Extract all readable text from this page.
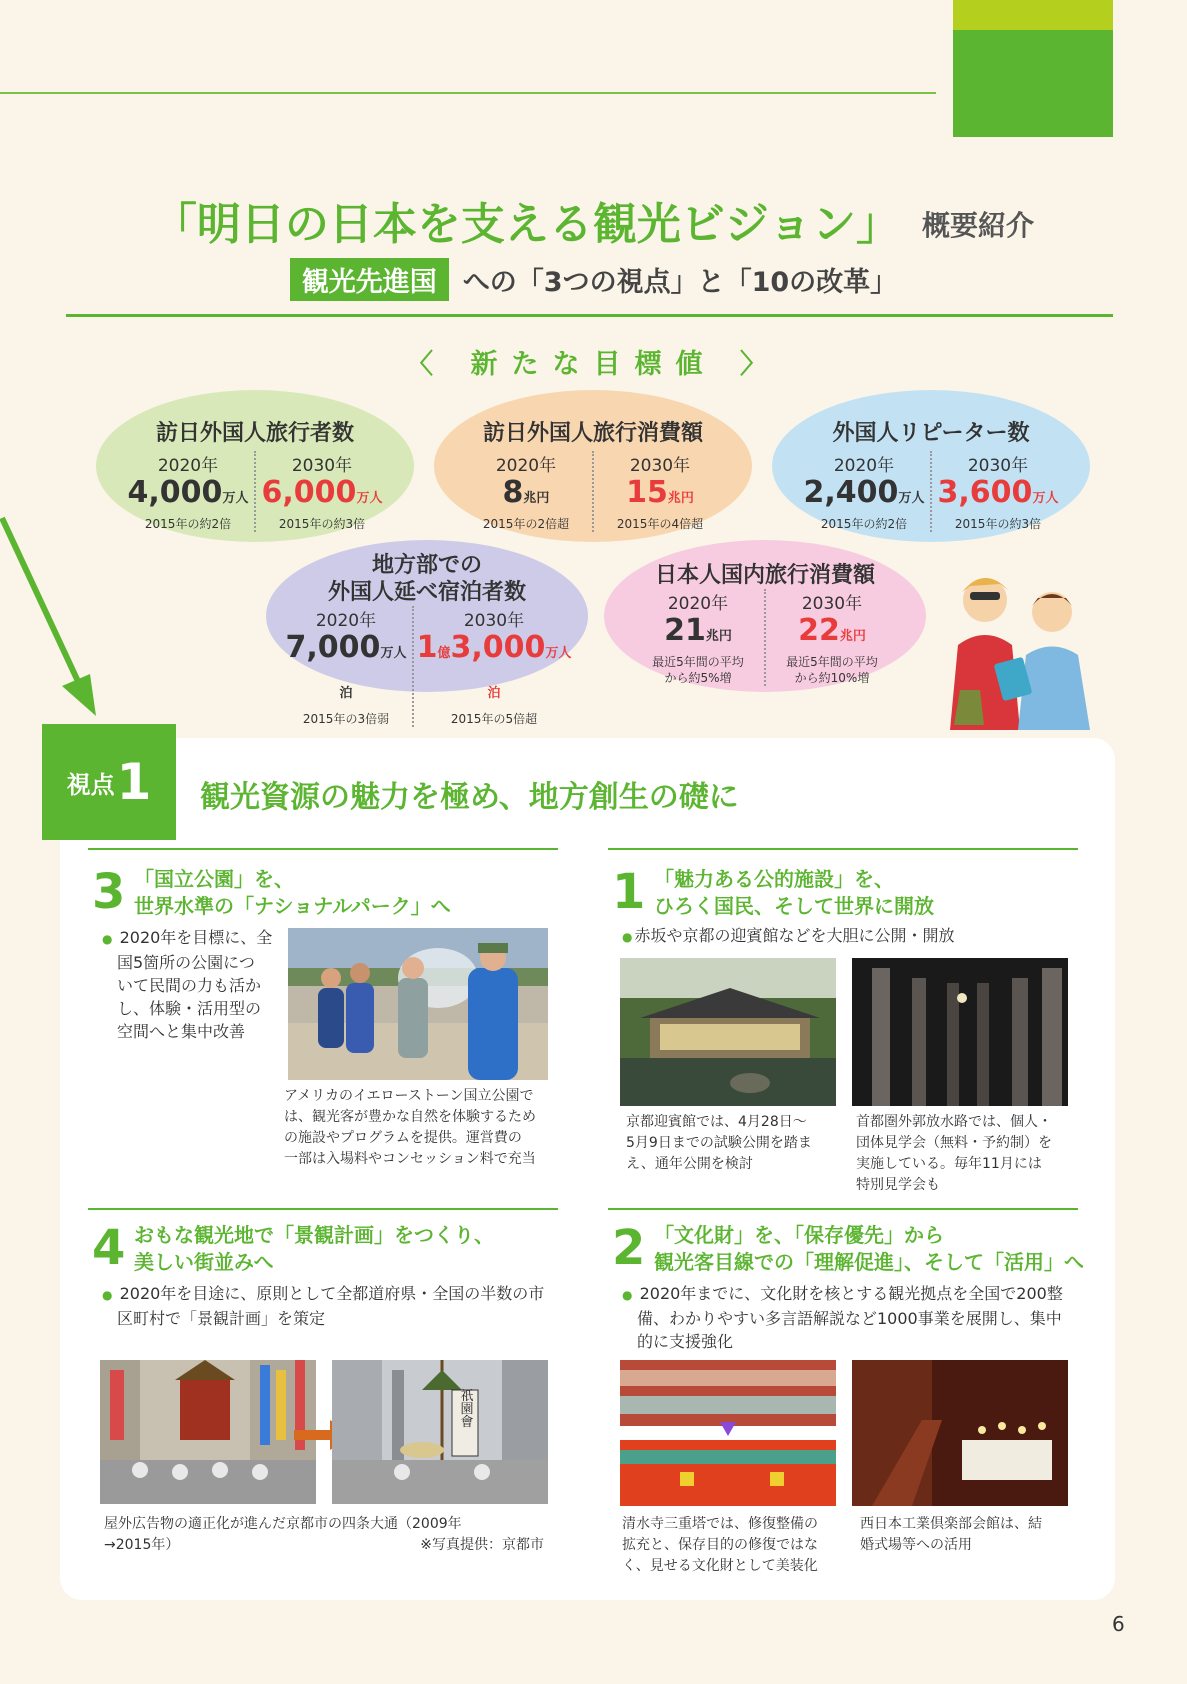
「明日の日本を支える観光ビジョン」 概要紹介
観光先進国 への「3つの視点」と「10の改革」
〈 新たな目標値 〉
訪日外国人旅行者数
2020年
4,000万人
2015年の約2倍
2030年
6,000万人
2015年の約3倍
訪日外国人旅行消費額
2020年
8兆円
2015年の2倍超
2030年
15兆円
2015年の4倍超
外国人リピーター数
2020年
2,400万人
2015年の約2倍
2030年
3,600万人
2015年の約3倍
地方部での
外国人延べ宿泊者数
2020年
7,000万人泊
2015年の3倍弱
2030年
1億3,000万人泊
2015年の5倍超
日本人国内旅行消費額
2020年
21兆円
最近5年間の平均
から約5%増
2030年
22兆円
最近5年間の平均
から約10%増
視点 1 観光資源の魅力を極め、地方創生の礎に
3 「国立公園」を、
世界水準の「ナショナルパーク」へ
● 2020年を目標に、全
国5箇所の公園につ
いて民間の力も活か
し、体験・活用型の
空間へと集中改善
アメリカのイエローストーン国立公園で
は、観光客が豊かな自然を体験するため
の施設やプログラムを提供。運営費の
一部は入場料やコンセッション料で充当
1 「魅力ある公的施設」を、
ひろく国民、そして世界に開放
● 赤坂や京都の迎賓館などを大胆に公開・開放
京都迎賓館では、4月28日～
5月9日までの試験公開を踏ま
え、通年公開を検討
首都圏外郭放水路では、個人・
団体見学会（無料・予約制）を
実施している。毎年11月には
特別見学会も
4 おもな観光地で「景観計画」をつくり、
美しい街並みへ
● 2020年を目途に、原則として全都道府県・全国の半数の市
区町村で「景観計画」を策定
祇園會
屋外広告物の適正化が進んだ京都市の四条大通（2009年
→2015年）	※写真提供：京都市
2 「文化財」を、「保存優先」から
観光客目線での「理解促進」、そして「活用」へ
● 2020年までに、文化財を核とする観光拠点を全国で200整
備、わかりやすい多言語解説など1000事業を展開し、集中
的に支援強化
清水寺三重塔では、修復整備の
拡充と、保存目的の修復ではな
く、見せる文化財として美装化
西日本工業倶楽部会館は、結
婚式場等への活用
6
